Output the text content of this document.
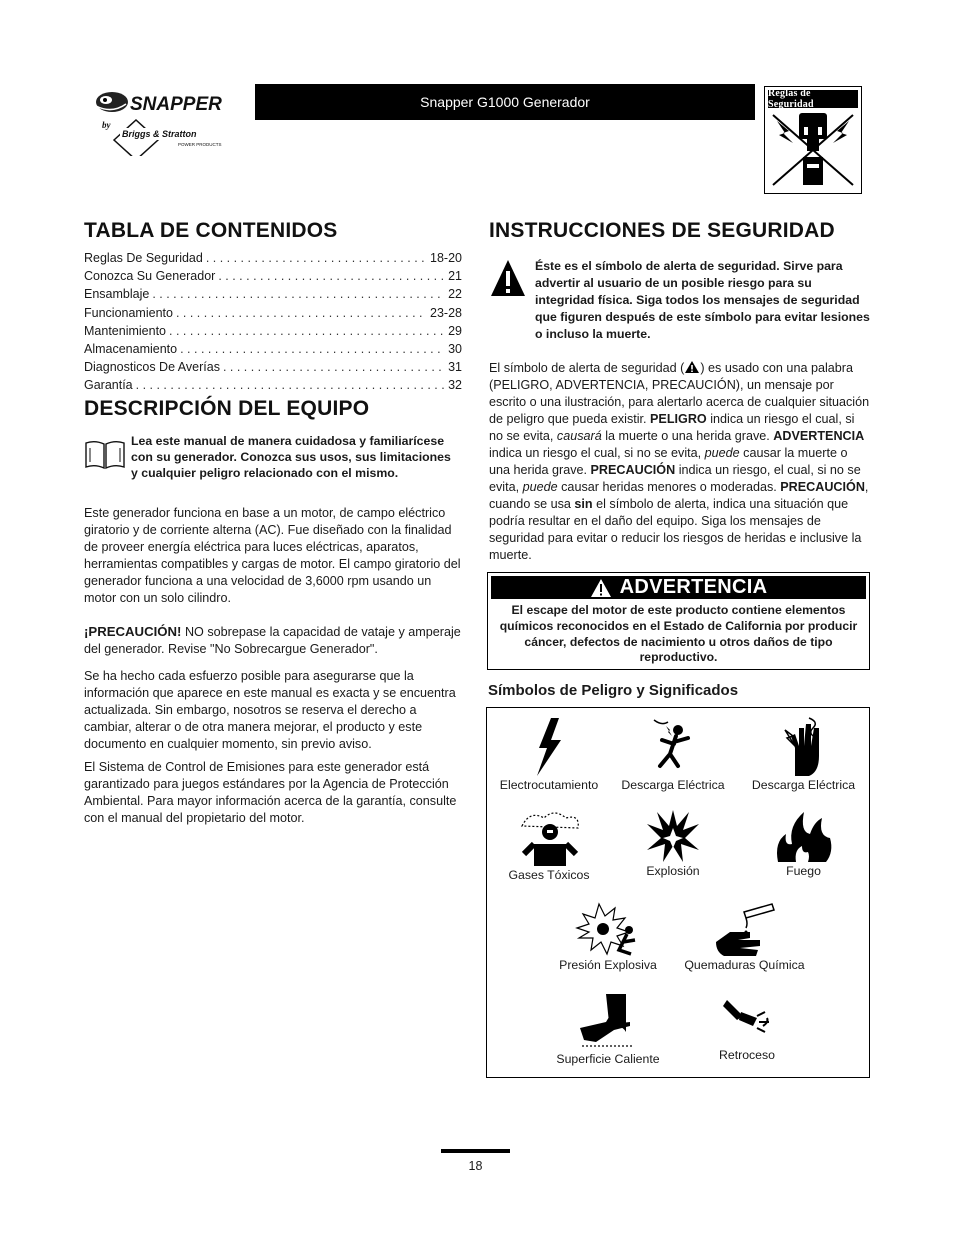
SNAPPER
by
Briggs & Stratton
POWER PRODUCTS
Snapper G1000 Generador
Reglas de Seguridad
TABLA DE CONTENIDOS
Reglas De Seguridad . . .	18-20
Conozca Su Generador . . .	21
Ensamblaje . . .	22
Funcionamiento . . .	23-28
Mantenimiento . . .	29
Almacenamiento . . .	30
Diagnosticos De Averías . . .	31
Garantía . . .	32
DESCRIPCIÓN DEL EQUIPO
Lea este manual de manera cuidadosa y familiarícese con su generador. Conozca sus usos, sus limitaciones y cualquier peligro relacionado con el mismo.

Este generador funciona en base a un motor, de campo eléctrico giratorio y de corriente alterna (AC). Fue diseñado con la finalidad de proveer energía eléctrica para luces eléctricas, aparatos, herramientas compatibles y cargas de motor. El campo giratorio del generador funciona a una velocidad de 3,6000 rpm usando un motor con un solo cilindro.

¡PRECAUCIÓN! NO sobrepase la capacidad de vataje y amperaje del generador. Revise "No Sobrecargue Generador".

Se ha hecho cada esfuerzo posible para asegurarse que la información que aparece en este manual es exacta y se encuentra actualizada. Sin embargo, nosotros se reserva el derecho a cambiar, alterar o de otra manera mejorar, el producto y este documento en cualquier momento, sin previo aviso.

El Sistema de Control de Emisiones para este generador está garantizado para juegos estándares por la Agencia de Protección Ambiental. Para mayor información acerca de la garantía, consulte con el manual del propietario del motor.

INSTRUCCIONES DE SEGURIDAD
Éste es el símbolo de alerta de seguridad. Sirve para advertir al usuario de un posible riesgo para su integridad física. Siga todos los mensajes de seguridad que figuren después de este símbolo para evitar lesiones o incluso la muerte.

El símbolo de alerta de seguridad ( ) es usado con una palabra (PELIGRO, ADVERTENCIA, PRECAUCIÓN), un mensaje por escrito o una ilustración, para alertarlo acerca de cualquier situación de peligro que pueda existir. PELIGRO indica un riesgo el cual, si no se evita, causará la muerte o una herida grave. ADVERTENCIA indica un riesgo el cual, si no se evita, puede causar la muerte o una herida grave. PRECAUCIÓN indica un riesgo, el cual, si no se evita, puede causar heridas menores o moderadas. PRECAUCIÓN, cuando se usa sin el símbolo de alerta, indica una situación que podría resultar en el daño del equipo. Siga los mensajes de seguridad para evitar o reducir los riesgos de heridas e inclusive la muerte.

ADVERTENCIA
El escape del motor de este producto contiene elementos químicos reconocidos en el Estado de California por producir cáncer, defectos de nacimiento u otros daños de tipo reproductivo.
Símbolos de Peligro y Significados
Electrocutamiento	Descarga Eléctrica	Descarga Eléctrica
Gases Tóxicos	Explosión	Fuego
Presión Explosiva	Quemaduras Química
Superficie Caliente	Retroceso
18
